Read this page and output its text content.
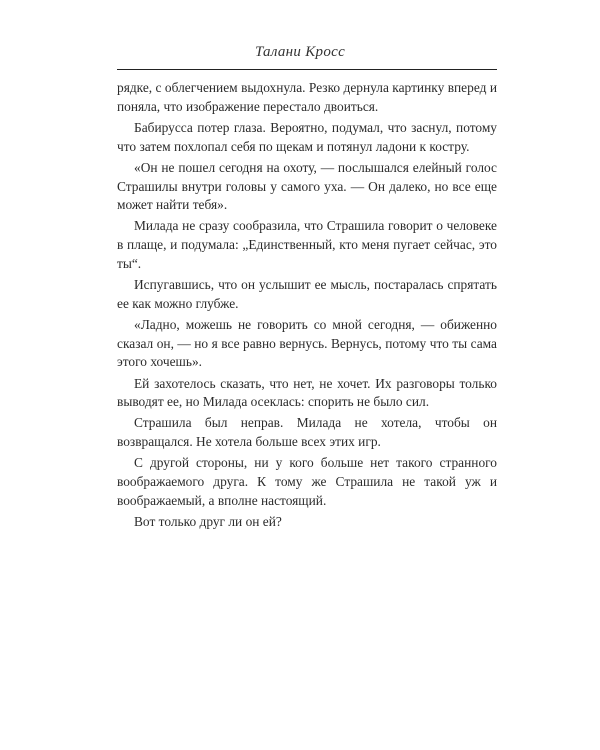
Талани Кросс

рядке, с облегчением выдохнула. Резко дернула картинку вперед и поняла, что изображение перестало двоиться.

Бабирусса потер глаза. Вероятно, подумал, что заснул, потому что затем похлопал себя по щекам и потянул ладони к костру.

«Он не пошел сегодня на охоту, — послышался елейный голос Страшилы внутри головы у самого уха. — Он далеко, но все еще может найти тебя».

Милада не сразу сообразила, что Страшила говорит о человеке в плаще, и подумала: „Единственный, кто меня пугает сейчас, это ты“.

Испугавшись, что он услышит ее мысль, постаралась спрятать ее как можно глубже.

«Ладно, можешь не говорить со мной сегодня, — обиженно сказал он, — но я все равно вернусь. Вернусь, потому что ты сама этого хочешь».

Ей захотелось сказать, что нет, не хочет. Их разговоры только выводят ее, но Милада осеклась: спорить не было сил.

Страшила был неправ. Милада не хотела, чтобы он возвращался. Не хотела больше всех этих игр.

С другой стороны, ни у кого больше нет такого странного воображаемого друга. К тому же Страшила не такой уж и воображаемый, а вполне настоящий.

Вот только друг ли он ей?
